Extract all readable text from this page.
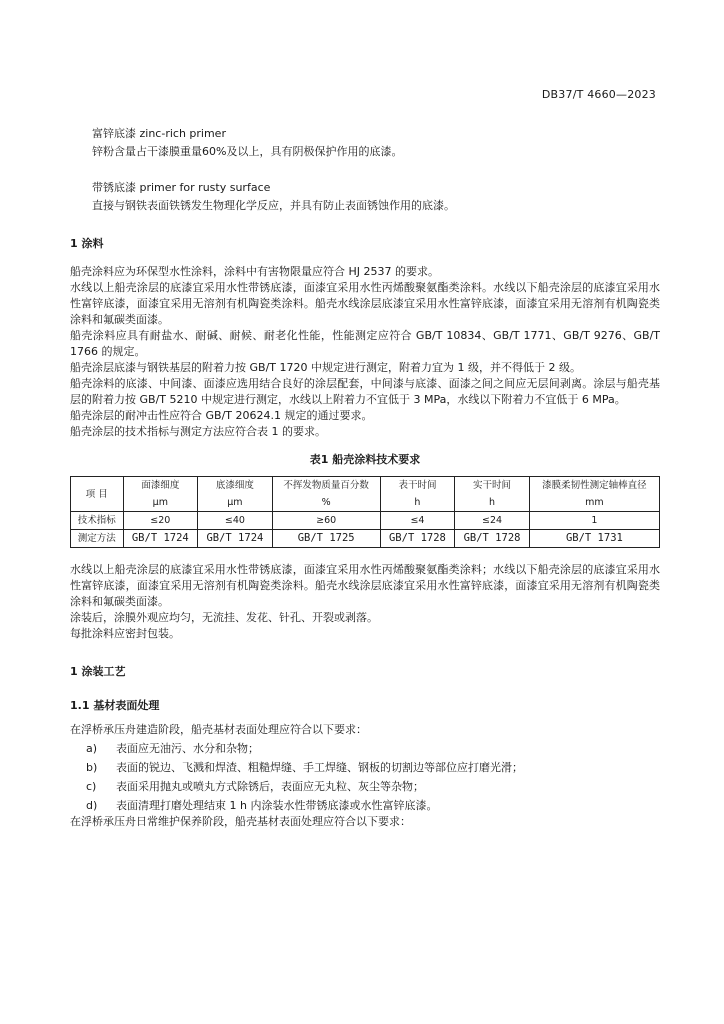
DB37/T 4660—2023

富锌底漆 zinc-rich primer

锌粉含量占干漆膜重量60%及以上，具有阴极保护作用的底漆。

带锈底漆 primer for rusty surface

直接与钢铁表面铁锈发生物理化学反应，并具有防止表面锈蚀作用的底漆。

1 涂料

船壳涂料应为环保型水性涂料，涂料中有害物限量应符合 HJ 2537 的要求。

水线以上船壳涂层的底漆宜采用水性带锈底漆，面漆宜采用水性丙烯酸聚氨酯类涂料。水线以下船壳涂层的底漆宜采用水性富锌底漆，面漆宜采用无溶剂有机陶瓷类涂料。船壳水线涂层底漆宜采用水性富锌底漆，面漆宜采用无溶剂有机陶瓷类涂料和氟碳类面漆。

船壳涂料应具有耐盐水、耐碱、耐候、耐老化性能，性能测定应符合 GB/T 10834、GB/T 1771、GB/T 9276、GB/T 1766 的规定。

船壳涂层底漆与钢铁基层的附着力按 GB/T 1720 中规定进行测定，附着力宜为 1 级，并不得低于 2 级。

船壳涂料的底漆、中间漆、面漆应选用结合良好的涂层配套，中间漆与底漆、面漆之间之间应无层间剥离。涂层与船壳基层的附着力按 GB/T 5210 中规定进行测定，水线以上附着力不宜低于 3 MPa，水线以下附着力不宜低于 6 MPa。

船壳涂层的耐冲击性应符合 GB/T 20624.1 规定的通过要求。

船壳涂层的技术指标与测定方法应符合表 1 的要求。

表1 船壳涂料技术要求

项 目	面漆细度	底漆细度	不挥发物质量百分数	表干时间	实干时间	漆膜柔韧性测定轴棒直径
	μm	μm	%	h	h	mm
技术指标	≤20	≤40	≥60	≤4	≤24	1
测定方法	GB/T 1724	GB/T 1724	GB/T 1725	GB/T 1728	GB/T 1728	GB/T 1731

水线以上船壳涂层的底漆宜采用水性带锈底漆，面漆宜采用水性丙烯酸聚氨酯类涂料；水线以下船壳涂层的底漆宜采用水性富锌底漆，面漆宜采用无溶剂有机陶瓷类涂料。船壳水线涂层底漆宜采用水性富锌底漆，面漆宜采用无溶剂有机陶瓷类涂料和氟碳类面漆。

涂装后，涂膜外观应均匀，无流挂、发花、针孔、开裂或剥落。

每批涂料应密封包装。

1 涂装工艺

1.1 基材表面处理

在浮桥承压舟建造阶段，船壳基材表面处理应符合以下要求：

a)	表面应无油污、水分和杂物；
b)	表面的锐边、飞溅和焊渣、粗糙焊缝、手工焊缝、钢板的切割边等部位应打磨光滑；
c)	表面采用抛丸或喷丸方式除锈后，表面应无丸粒、灰尘等杂物；
d)	表面清理打磨处理结束 1 h 内涂装水性带锈底漆或水性富锌底漆。

在浮桥承压舟日常维护保养阶段，船壳基材表面处理应符合以下要求：
